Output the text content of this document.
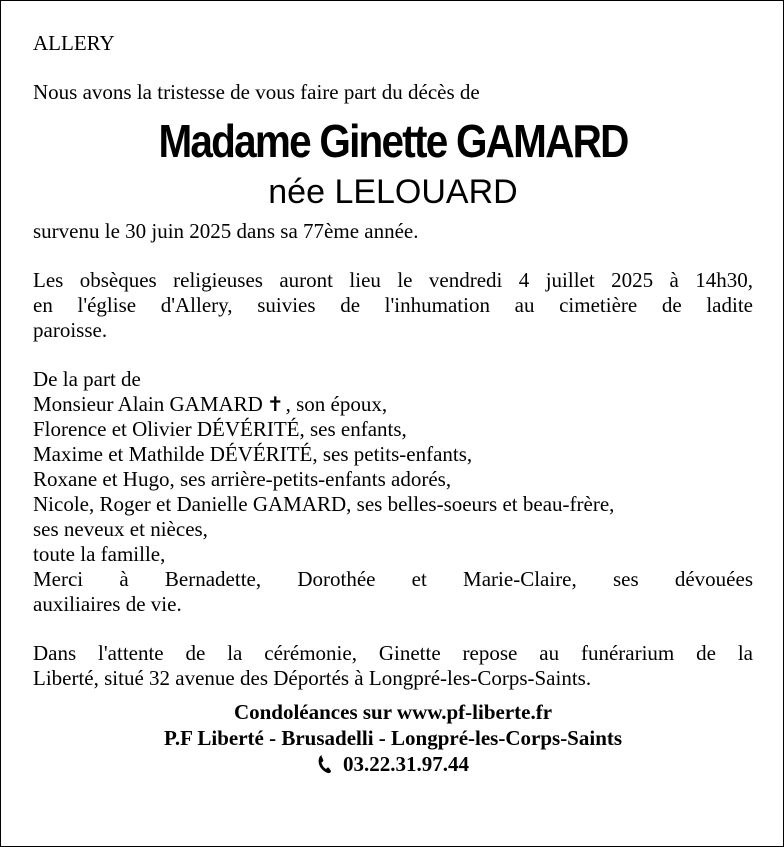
ALLERY
Nous avons la tristesse de vous faire part du décès de
Madame Ginette GAMARD
née LELOUARD
survenu le 30 juin 2025 dans sa 77ème année.
Les obsèques religieuses auront lieu le vendredi 4 juillet 2025 à 14h30,
en l'église d'Allery, suivies de l'inhumation au cimetière de ladite
paroisse.
De la part de
Monsieur Alain GAMARD ✝, son époux,
Florence et Olivier DÉVÉRITÉ, ses enfants,
Maxime et Mathilde DÉVÉRITÉ, ses petits-enfants,
Roxane et Hugo, ses arrière-petits-enfants adorés,
Nicole, Roger et Danielle GAMARD, ses belles-soeurs et beau-frère,
ses neveux et nièces,
toute la famille,
Merci à Bernadette, Dorothée et Marie-Claire, ses dévouées
auxiliaires de vie.
Dans l'attente de la cérémonie, Ginette repose au funérarium de la
Liberté, situé 32 avenue des Déportés à Longpré-les-Corps-Saints.
Condoléances sur www.pf-liberte.fr
P.F Liberté - Brusadelli - Longpré-les-Corps-Saints
03.22.31.97.44
